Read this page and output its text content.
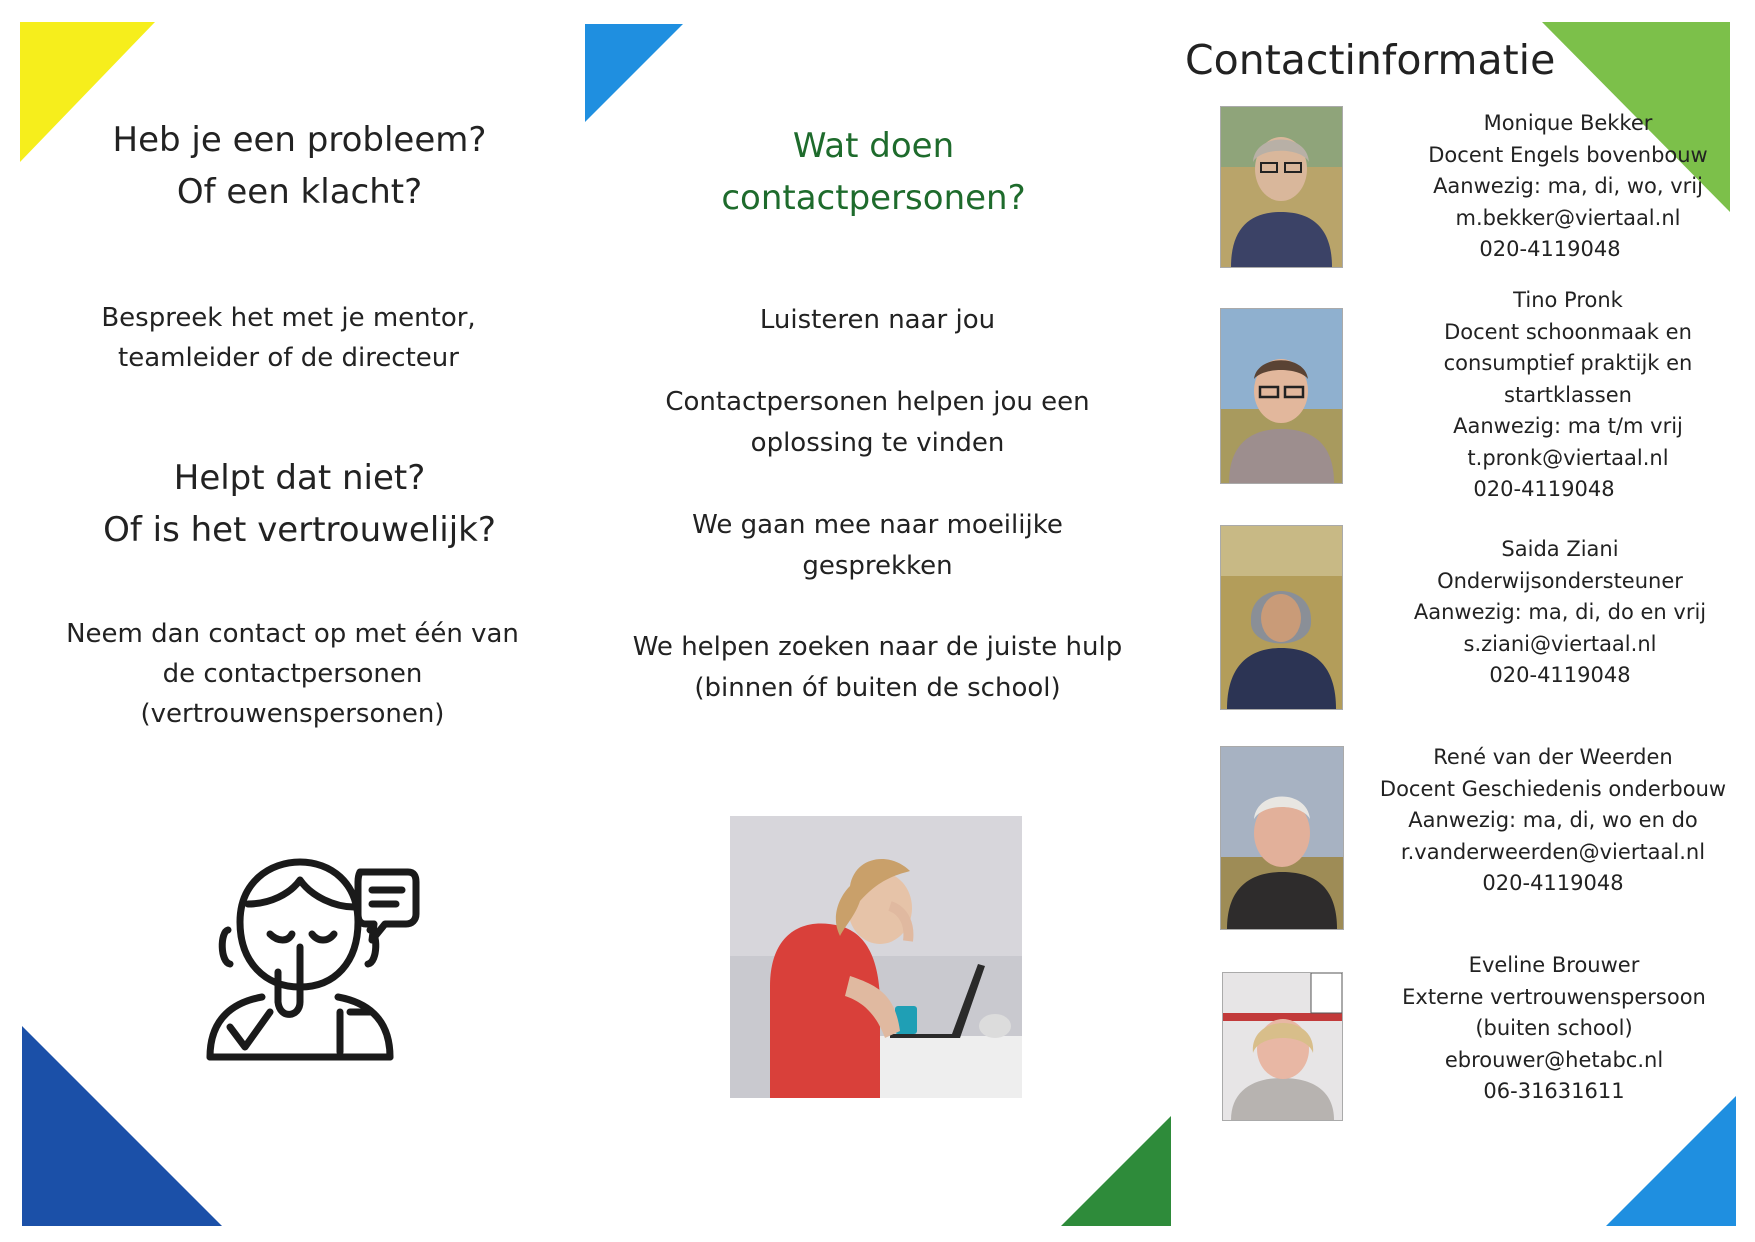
Heb je een probleem?
Of een klacht?
Bespreek het met je mentor,
teamleider of de directeur
Helpt dat niet?
Of is het vertrouwelijk?
Neem dan contact op met één van
de contactpersonen
(vertrouwenspersonen)
Wat doen
contactpersonen?
Luisteren naar jou
Contactpersonen helpen jou een
oplossing te vinden
We gaan mee naar moeilijke
gesprekken
We helpen zoeken naar de juiste hulp
(binnen óf buiten de school)
Contactinformatie
Monique Bekker
Docent Engels bovenbouw
Aanwezig: ma, di, wo, vrij
m.bekker@viertaal.nl
020-4119048
Tino Pronk
Docent schoonmaak en
consumptief praktijk en
startklassen
Aanwezig: ma t/m vrij
t.pronk@viertaal.nl
020-4119048
Saida Ziani
Onderwijsondersteuner
Aanwezig: ma, di, do en vrij
s.ziani@viertaal.nl
020-4119048
René van der Weerden
Docent Geschiedenis onderbouw
Aanwezig: ma, di, wo en do
r.vanderweerden@viertaal.nl
020-4119048
Eveline Brouwer
Externe vertrouwenspersoon
(buiten school)
ebrouwer@hetabc.nl
06-31631611
